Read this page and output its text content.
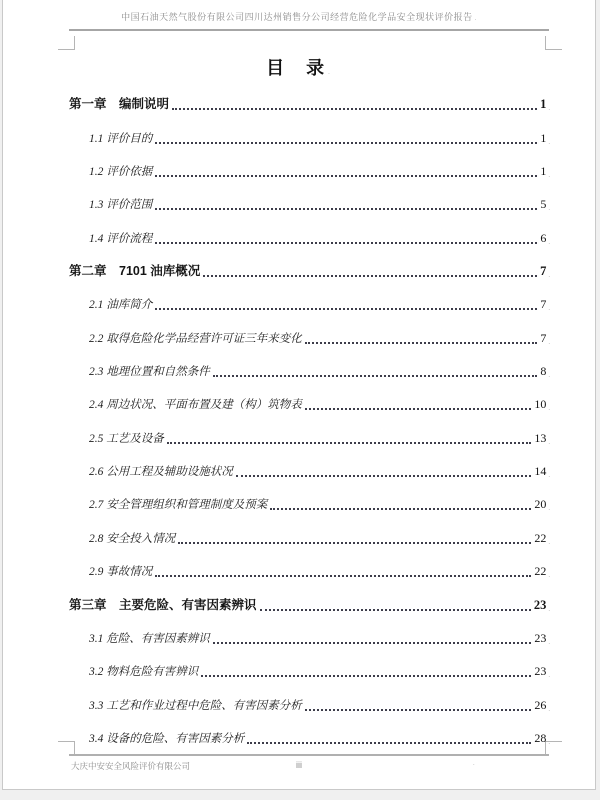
中国石油天然气股份有限公司四川达州销售分公司经营危险化学品安全现状评价报告 .
目　录 .
第一章　编制说明	1 .
1.1 评价目的	1 .
1.2 评价依据	1 .
1.3 评价范围	5 .
1.4 评价流程	6 .
第二章　7101 油库概况	7 .
2.1 油库简介	7 .
2.2 取得危险化学品经营许可证三年来变化	7 .
2.3 地理位置和自然条件	8 .
2.4 周边状况、平面布置及建（构）筑物表	10 .
2.5 工艺及设备	13 .
2.6 公用工程及辅助设施状况	14 .
2.7 安全管理组织和管理制度及预案	20 .
2.8 安全投入情况	22 .
2.9 事故情况	22 .
第三章　主要危险、有害因素辨识	23 .
3.1 危险、有害因素辨识	23 .
3.2 物料危险有害辨识	23 .
3.3 工艺和作业过程中危险、有害因素分析	26 .
3.4 设备的危险、有害因素分析	28 .
大庆中安安全风险评价有限公司	iii	.
